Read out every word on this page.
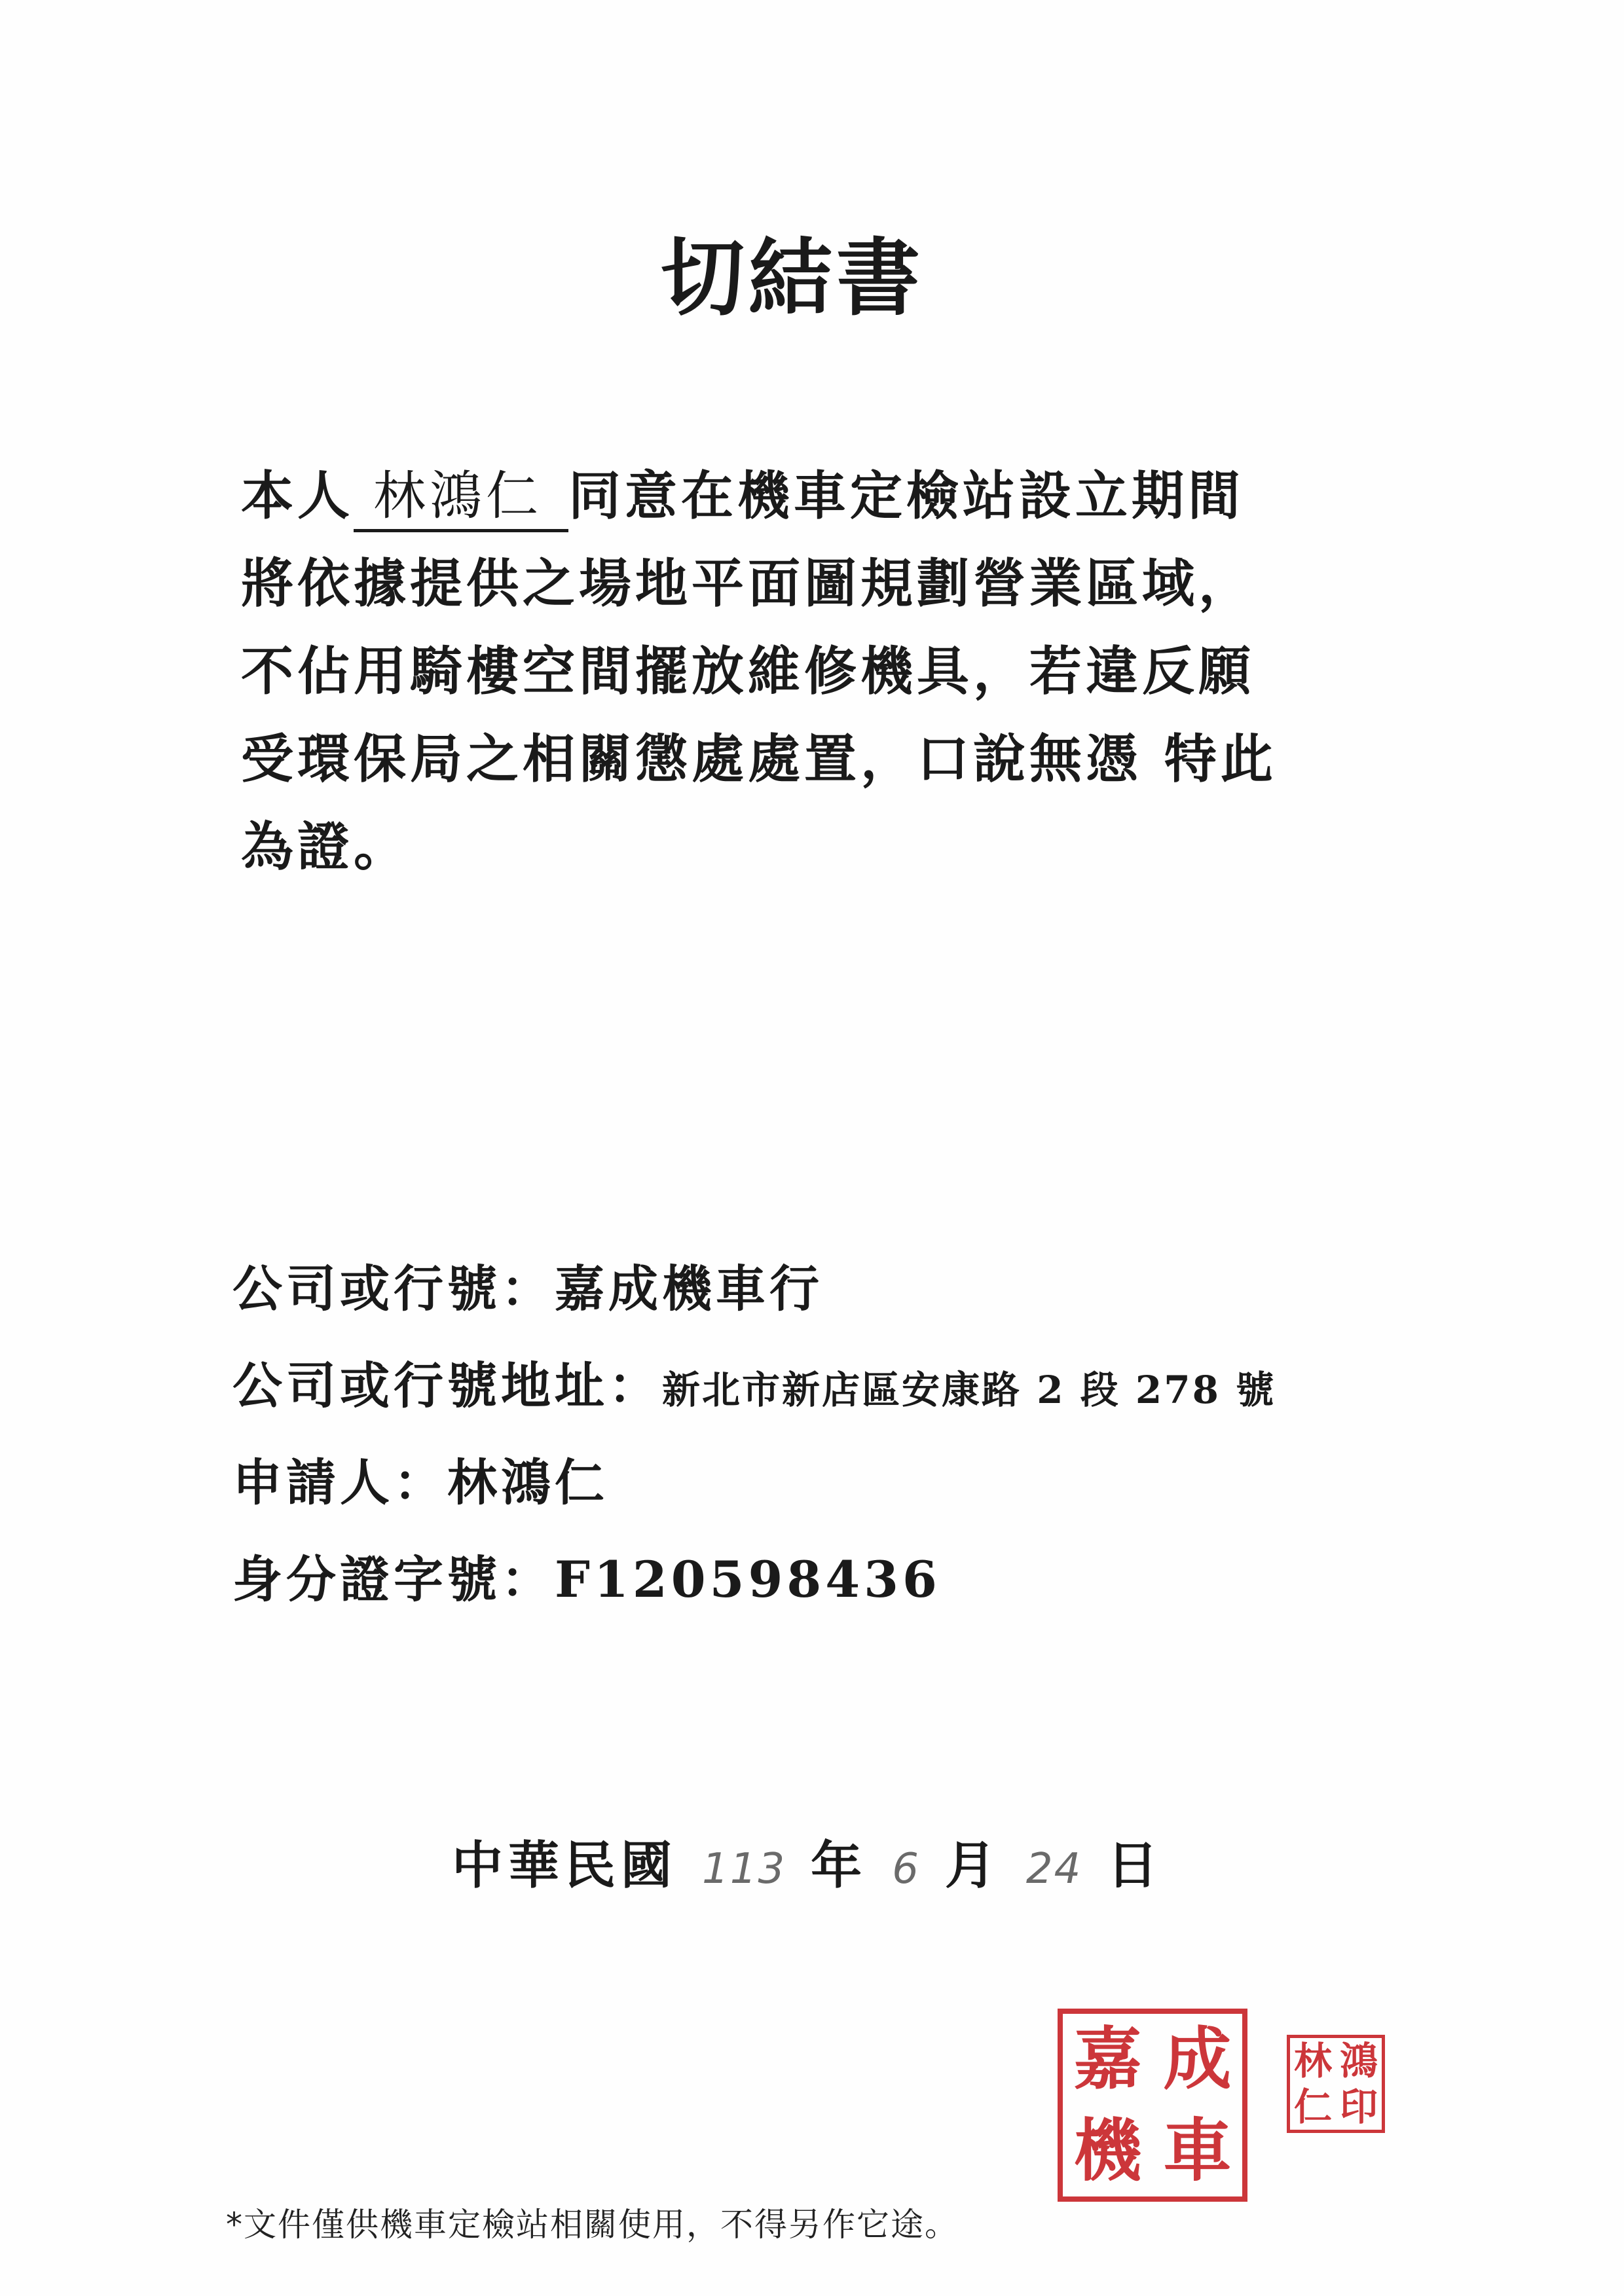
切結書
本人 林鴻仁 同意在機車定檢站設立期間
將依據提供之場地平面圖規劃營業區域，
不佔用騎樓空間擺放維修機具，若違反願
受環保局之相關懲處處置，口說無憑 特此
為證。
公司或行號：嘉成機車行
公司或行號地址：新北市新店區安康路 2 段 278 號
申請人：林鴻仁
身分證字號：F120598436
中華民國 113 年 6 月 24 日
嘉 成
機 車
林 鴻
仁 印
*文件僅供機車定檢站相關使用，不得另作它途。
